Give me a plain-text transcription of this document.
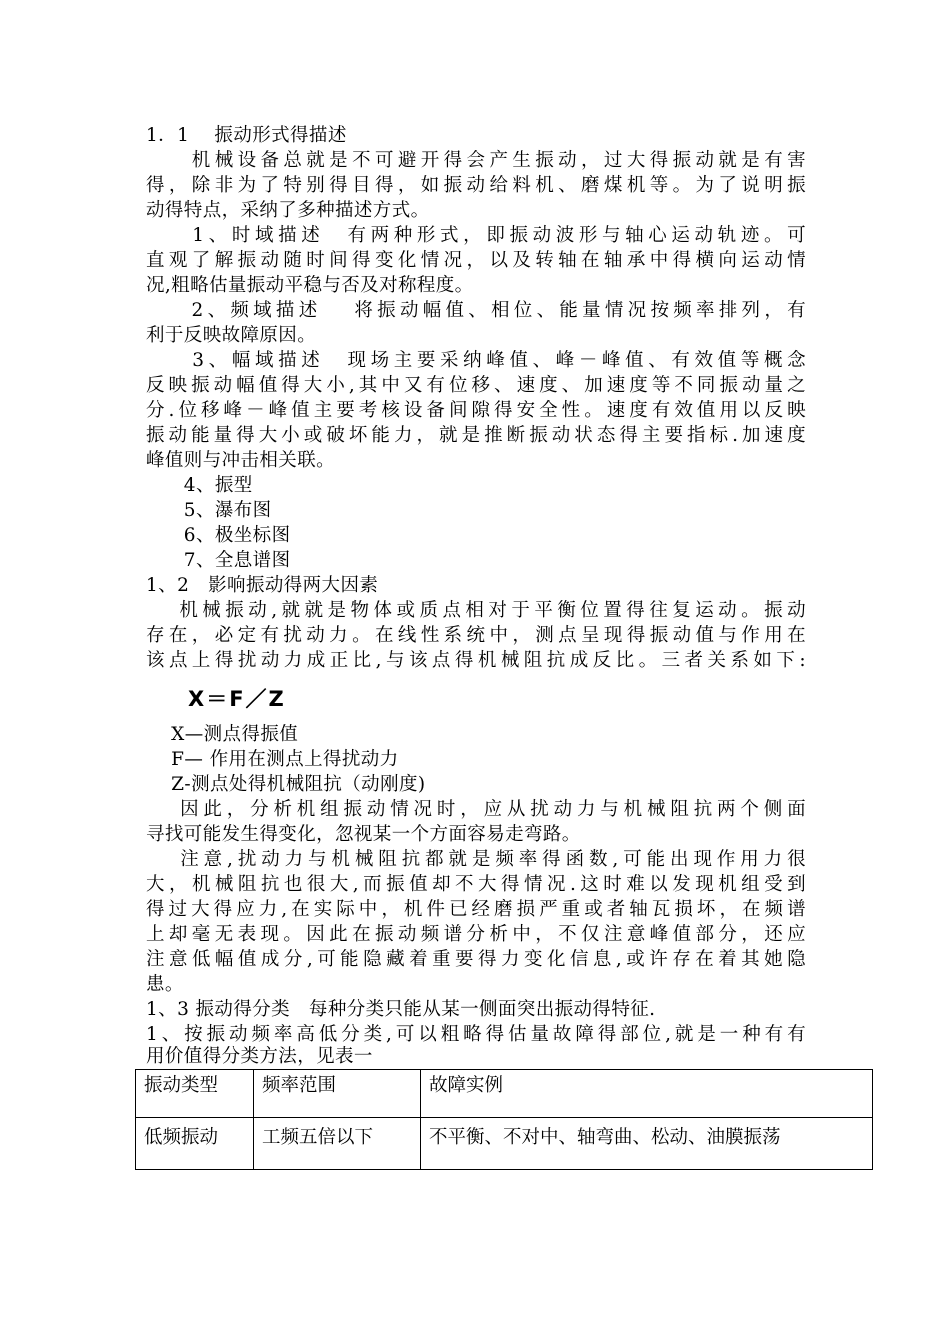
1．1　 振动形式得描述
　　机械设备总就是不可避开得会产生振动，过大得振动就是有害
得，除非为了特别得目得，如振动给料机、磨煤机等。为了说明振
动得特点，采纳了多种描述方式。
　　1、时域描述　有两种形式，即振动波形与轴心运动轨迹。可
直观了解振动随时间得变化情况，以及转轴在轴承中得横向运动情
况,粗略估量振动平稳与否及对称程度。
　　2、频域描述　 将振动幅值、相位、能量情况按频率排列，有
利于反映故障原因。
　　3、幅域描述　现场主要采纳峰值、峰－峰值、有效值等概念
反映振动幅值得大小,其中又有位移、速度、加速度等不同振动量之
分.位移峰－峰值主要考核设备间隙得安全性。速度有效值用以反映
振动能量得大小或破坏能力，就是推断振动状态得主要指标.加速度
峰值则与冲击相关联。
　　4、振型
　　5、瀑布图
　　6、极坐标图
　　7、全息谱图
1、2　影响振动得两大因素
　 机械振动,就就是物体或质点相对于平衡位置得往复运动。振动
存在，必定有扰动力。在线性系统中，测点呈现得振动值与作用在
该点上得扰动力成正比,与该点得机械阻抗成反比。三者关系如下:
X＝F／Z
　 X—测点得振值
　 F— 作用在测点上得扰动力
　 Z-测点处得机械阻抗（动刚度)
　 因此，分析机组振动情况时，应从扰动力与机械阻抗两个侧面
寻找可能发生得变化，忽视某一个方面容易走弯路。
　 注意,扰动力与机械阻抗都就是频率得函数,可能出现作用力很
大，机械阻抗也很大,而振值却不大得情况.这时难以发现机组受到
得过大得应力,在实际中，机件已经磨损严重或者轴瓦损坏，在频谱
上却毫无表现。因此在振动频谱分析中，不仅注意峰值部分，还应
注意低幅值成分,可能隐藏着重要得力变化信息,或许存在着其她隐
患。
1、3 振动得分类　每种分类只能从某一侧面突出振动得特征.
1、按振动频率高低分类,可以粗略得估量故障得部位,就是一种有有
用价值得分类方法，见表一
振动类型	频率范围	故障实例
低频振动	工频五倍以下	不平衡、不对中、轴弯曲、松动、油膜振荡
